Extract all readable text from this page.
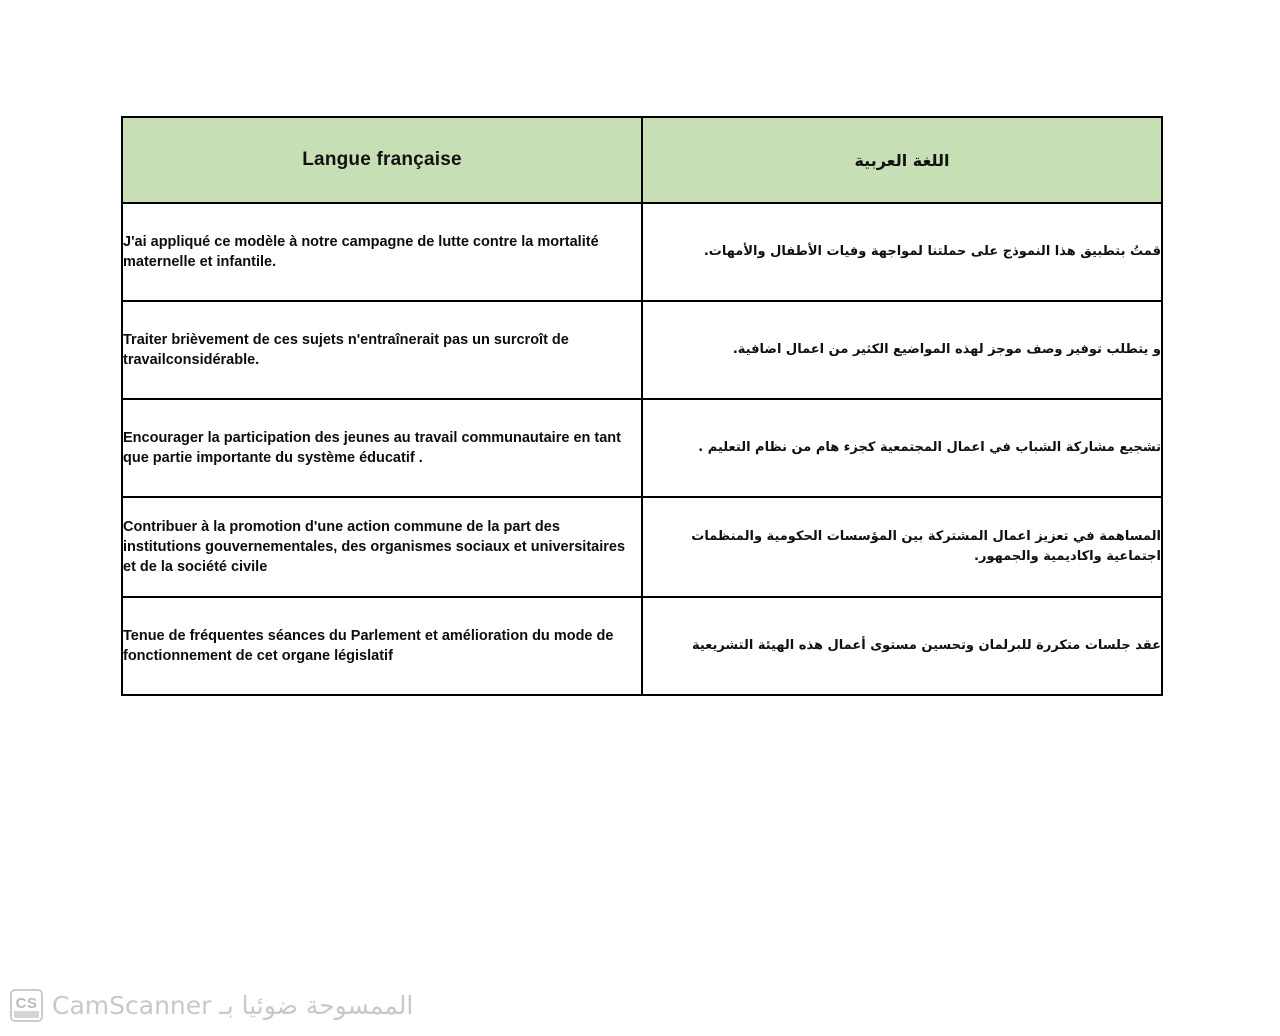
Langue française	اللغة العربية
J'ai appliqué ce modèle à notre campagne de lutte contre la mortalité maternelle et infantile.	قمتُ بتطبيق هذا النموذج على حملتنا لمواجهة وفيات الأطفال والأمهات.
Traiter brièvement de ces sujets n'entraînerait pas un surcroît de travailconsidérable.	و يتطلب توفير وصف موجز لهذه المواضيع الكثير من اعمال اضافية.
Encourager la participation des jeunes au travail communautaire en tant que partie importante du système éducatif .	تشجيع مشاركة الشباب في اعمال المجتمعية كجزء هام من نظام التعليم .
Contribuer à la promotion d'une action commune de la part des institutions gouvernementales, des organismes sociaux et universitaires et de la société civile	المساهمة في تعزيز اعمال المشتركة بين المؤسسات الحكومية والمنظمات اجتماعية واكاديمية والجمهور.
Tenue de fréquentes séances du Parlement et amélioration du mode de fonctionnement de cet organe législatif	عقد جلسات متكررة للبرلمان وتحسين مستوى أعمال هذه الهيئة التشريعية
CS الممسوحة ضوئيا بـ CamScanner
